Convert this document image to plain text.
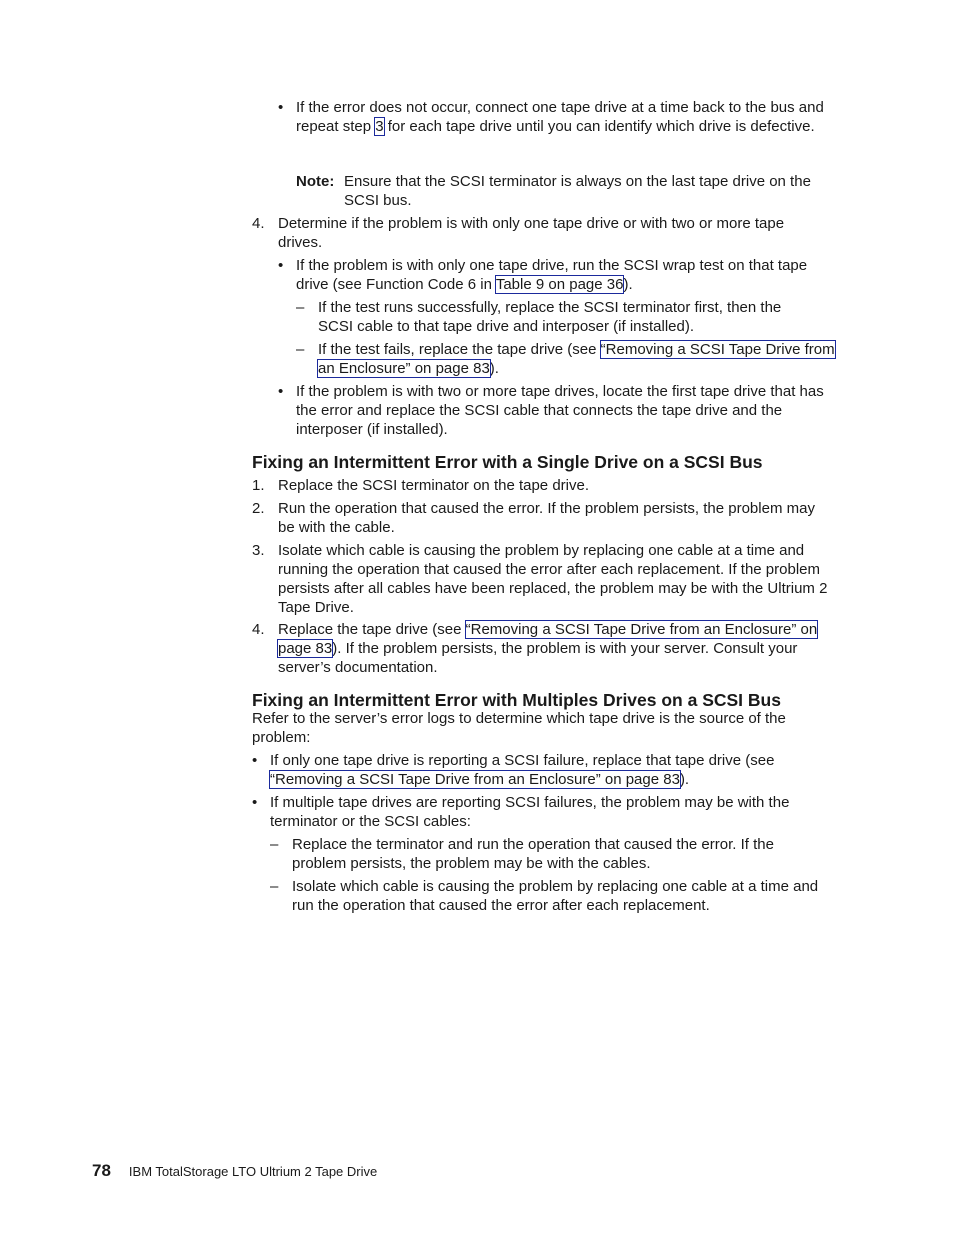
• If the error does not occur, connect one tape drive at a time back to the bus and repeat step 3 for each tape drive until you can identify which drive is defective.
Note: Ensure that the SCSI terminator is always on the last tape drive on the SCSI bus.
4. Determine if the problem is with only one tape drive or with two or more tape drives.
• If the problem is with only one tape drive, run the SCSI wrap test on that tape drive (see Function Code 6 in Table 9 on page 36).
– If the test runs successfully, replace the SCSI terminator first, then the SCSI cable to that tape drive and interposer (if installed).
– If the test fails, replace the tape drive (see “Removing a SCSI Tape Drive from an Enclosure” on page 83).
• If the problem is with two or more tape drives, locate the first tape drive that has the error and replace the SCSI cable that connects the tape drive and the interposer (if installed).
Fixing an Intermittent Error with a Single Drive on a SCSI Bus
1. Replace the SCSI terminator on the tape drive.
2. Run the operation that caused the error. If the problem persists, the problem may be with the cable.
3. Isolate which cable is causing the problem by replacing one cable at a time and running the operation that caused the error after each replacement. If the problem persists after all cables have been replaced, the problem may be with the Ultrium 2 Tape Drive.
4. Replace the tape drive (see “Removing a SCSI Tape Drive from an Enclosure” on page 83). If the problem persists, the problem is with your server. Consult your server’s documentation.
Fixing an Intermittent Error with Multiples Drives on a SCSI Bus

Refer to the server’s error logs to determine which tape drive is the source of the problem:

• If only one tape drive is reporting a SCSI failure, replace that tape drive (see “Removing a SCSI Tape Drive from an Enclosure” on page 83).
• If multiple tape drives are reporting SCSI failures, the problem may be with the terminator or the SCSI cables:
– Replace the terminator and run the operation that caused the error. If the problem persists, the problem may be with the cables.
– Isolate which cable is causing the problem by replacing one cable at a time and run the operation that caused the error after each replacement.
78 IBM TotalStorage LTO Ultrium 2 Tape Drive
